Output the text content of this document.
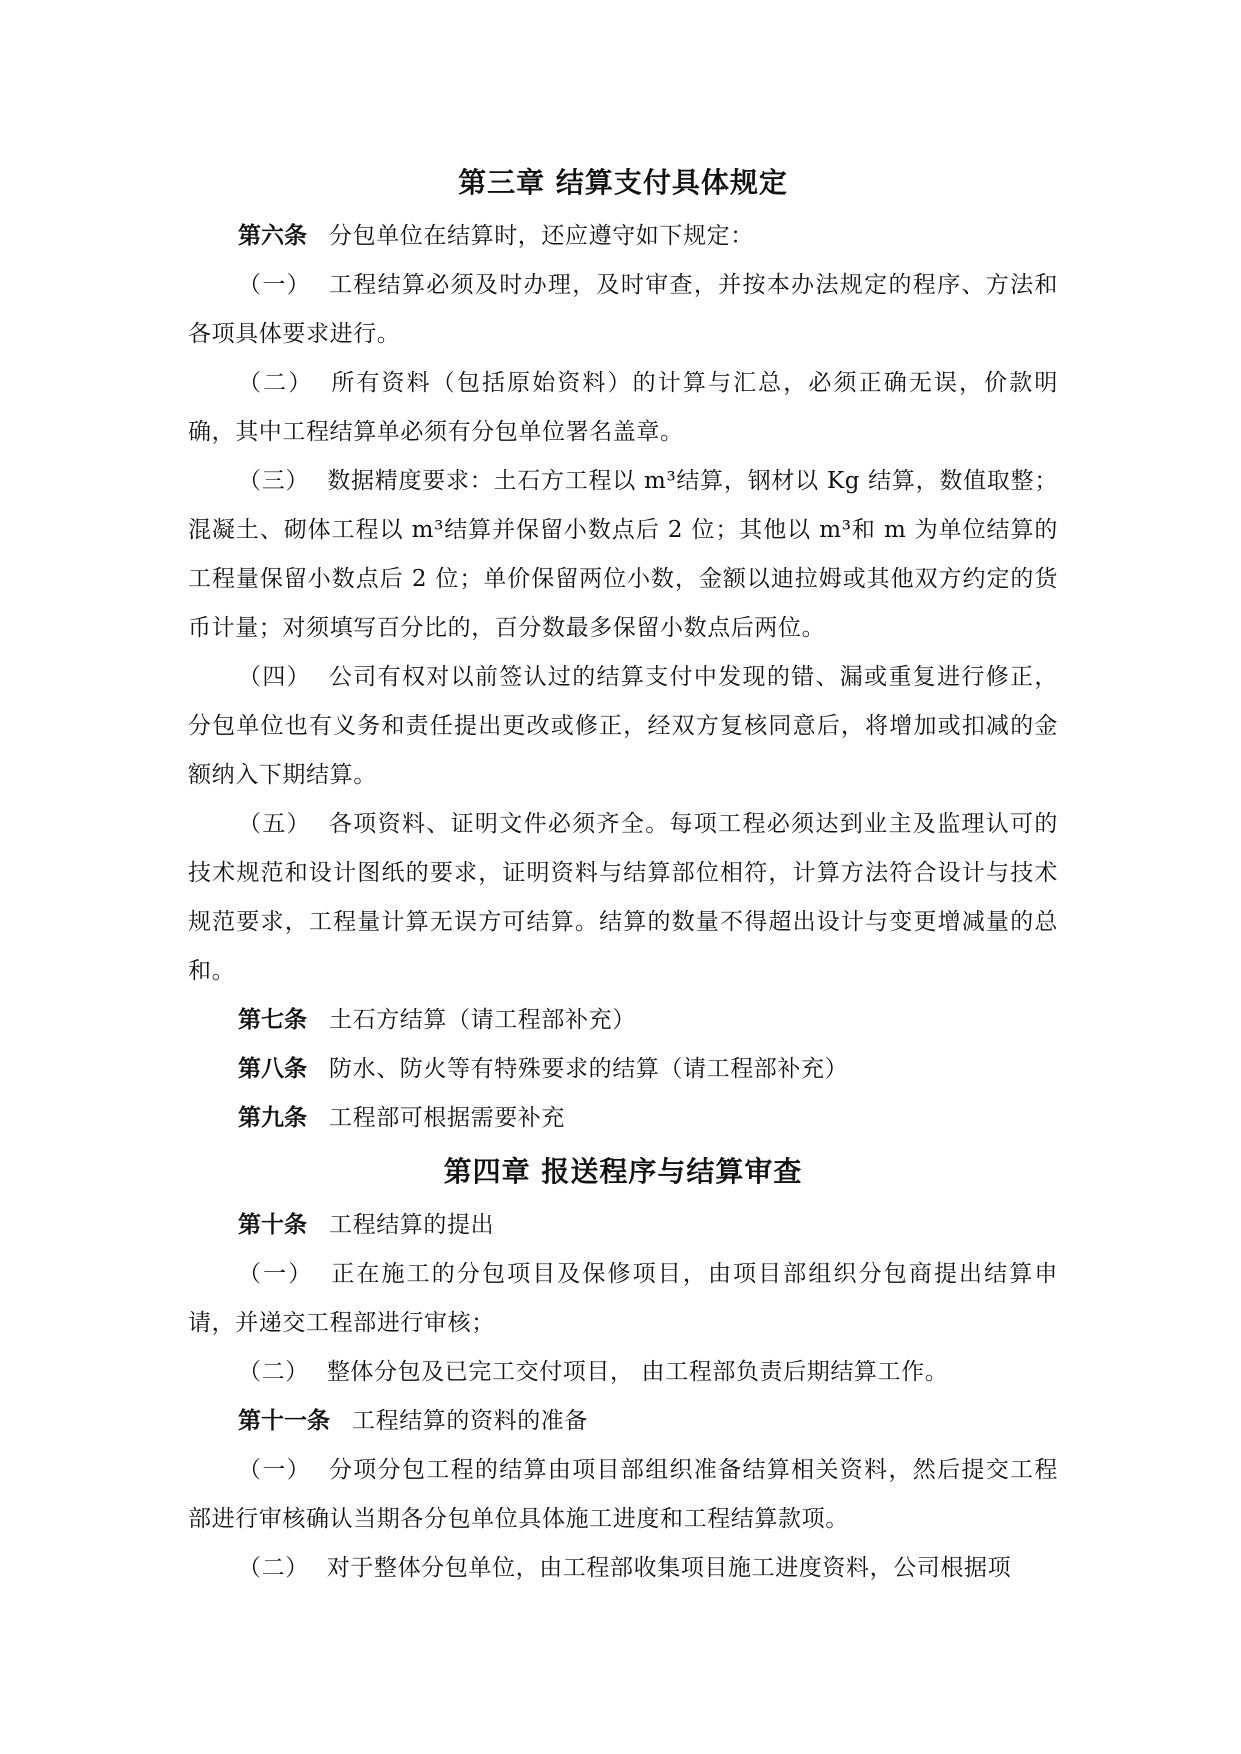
第三章 结算支付具体规定

第六条 分包单位在结算时，还应遵守如下规定：

（一） 工程结算必须及时办理，及时审查，并按本办法规定的程序、方法和各项具体要求进行。

（二） 所有资料（包括原始资料）的计算与汇总，必须正确无误，价款明确，其中工程结算单必须有分包单位署名盖章。

（三） 数据精度要求：土石方工程以 m³结算，钢材以 Kg 结算，数值取整；混凝土、砌体工程以 m³结算并保留小数点后 2 位；其他以 m³和 m 为单位结算的工程量保留小数点后 2 位；单价保留两位小数，金额以迪拉姆或其他双方约定的货币计量；对须填写百分比的，百分数最多保留小数点后两位。

（四） 公司有权对以前签认过的结算支付中发现的错、漏或重复进行修正，分包单位也有义务和责任提出更改或修正，经双方复核同意后，将增加或扣减的金额纳入下期结算。

（五） 各项资料、证明文件必须齐全。每项工程必须达到业主及监理认可的技术规范和设计图纸的要求，证明资料与结算部位相符，计算方法符合设计与技术规范要求，工程量计算无误方可结算。结算的数量不得超出设计与变更增减量的总和。

第七条 土石方结算（请工程部补充）

第八条 防水、防火等有特殊要求的结算（请工程部补充）

第九条 工程部可根据需要补充

第四章 报送程序与结算审查

第十条 工程结算的提出

（一） 正在施工的分包项目及保修项目，由项目部组织分包商提出结算申请，并递交工程部进行审核；

（二） 整体分包及已完工交付项目， 由工程部负责后期结算工作。

第十一条 工程结算的资料的准备

（一） 分项分包工程的结算由项目部组织准备结算相关资料，然后提交工程部进行审核确认当期各分包单位具体施工进度和工程结算款项。

（二） 对于整体分包单位，由工程部收集项目施工进度资料，公司根据项
